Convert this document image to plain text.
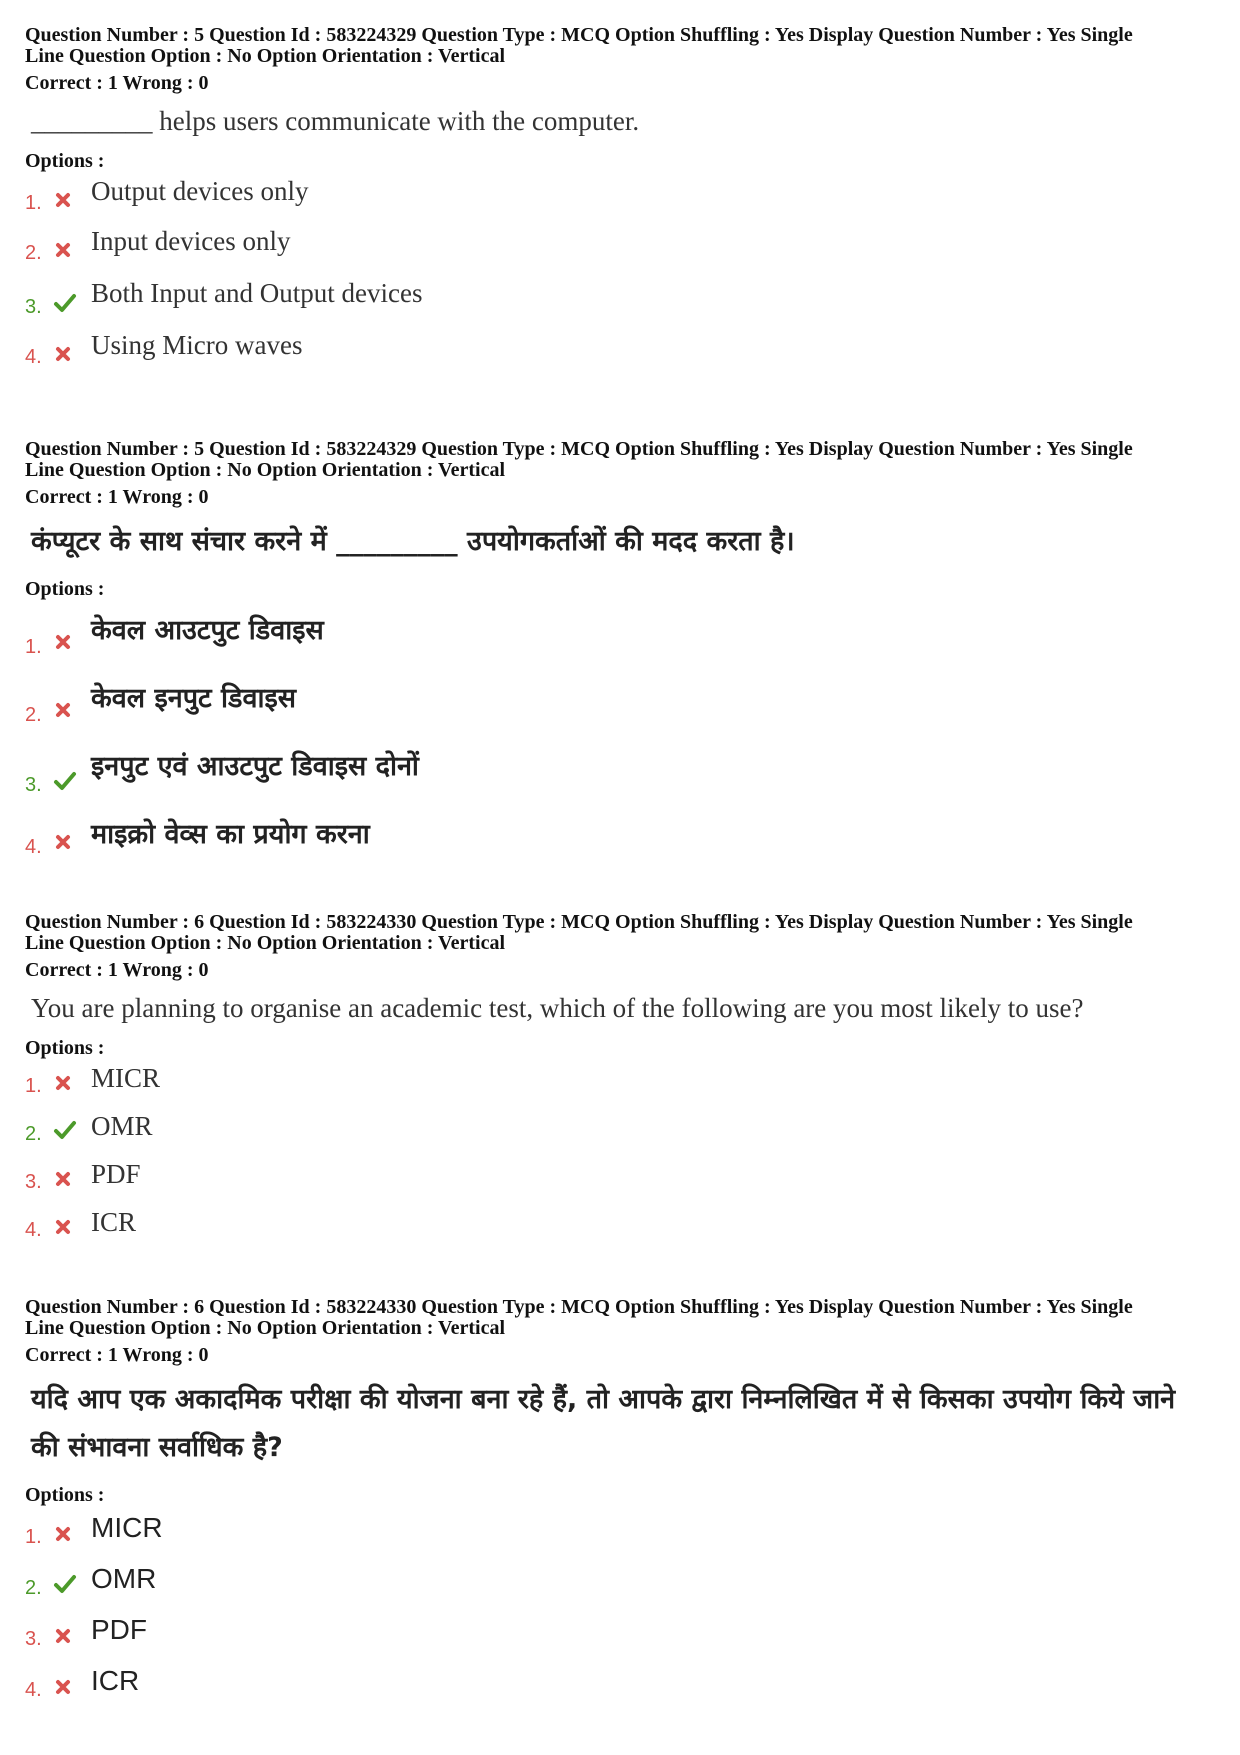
Question Number : 5 Question Id : 583224329 Question Type : MCQ Option Shuffling : Yes Display Question Number : Yes Single
Line Question Option : No Option Orientation : Vertical
Correct : 1 Wrong : 0
_________ helps users communicate with the computer.
Options :
1. Output devices only
2. Input devices only
3. Both Input and Output devices
4. Using Micro waves
Question Number : 5 Question Id : 583224329 Question Type : MCQ Option Shuffling : Yes Display Question Number : Yes Single
Line Question Option : No Option Orientation : Vertical
Correct : 1 Wrong : 0
कंप्यूटर के साथ संचार करने में _________ उपयोगकर्ताओं की मदद करता है।
Options :
1.
केवल आउटपुट डिवाइस
2.
केवल इनपुट डिवाइस
3.
इनपुट एवं आउटपुट डिवाइस दोनों
4. माइक्रो वेव्स का प्रयोग करना
Question Number : 6 Question Id : 583224330 Question Type : MCQ Option Shuffling : Yes Display Question Number : Yes Single
Line Question Option : No Option Orientation : Vertical
Correct : 1 Wrong : 0
You are planning to organise an academic test, which of the following are you most likely to use?
Options :
1. MICR
2. OMR
3. PDF
4. ICR
Question Number : 6 Question Id : 583224330 Question Type : MCQ Option Shuffling : Yes Display Question Number : Yes Single
Line Question Option : No Option Orientation : Vertical
Correct : 1 Wrong : 0
यदि आप एक अकादमिक परीक्षा की योजना बना रहे हैं, तो आपके द्वारा निम्नलिखित में से किसका उपयोग किये जाने की संभावना सर्वाधिक है?
Options :
1. MICR
2. OMR
3. PDF
4. ICR
